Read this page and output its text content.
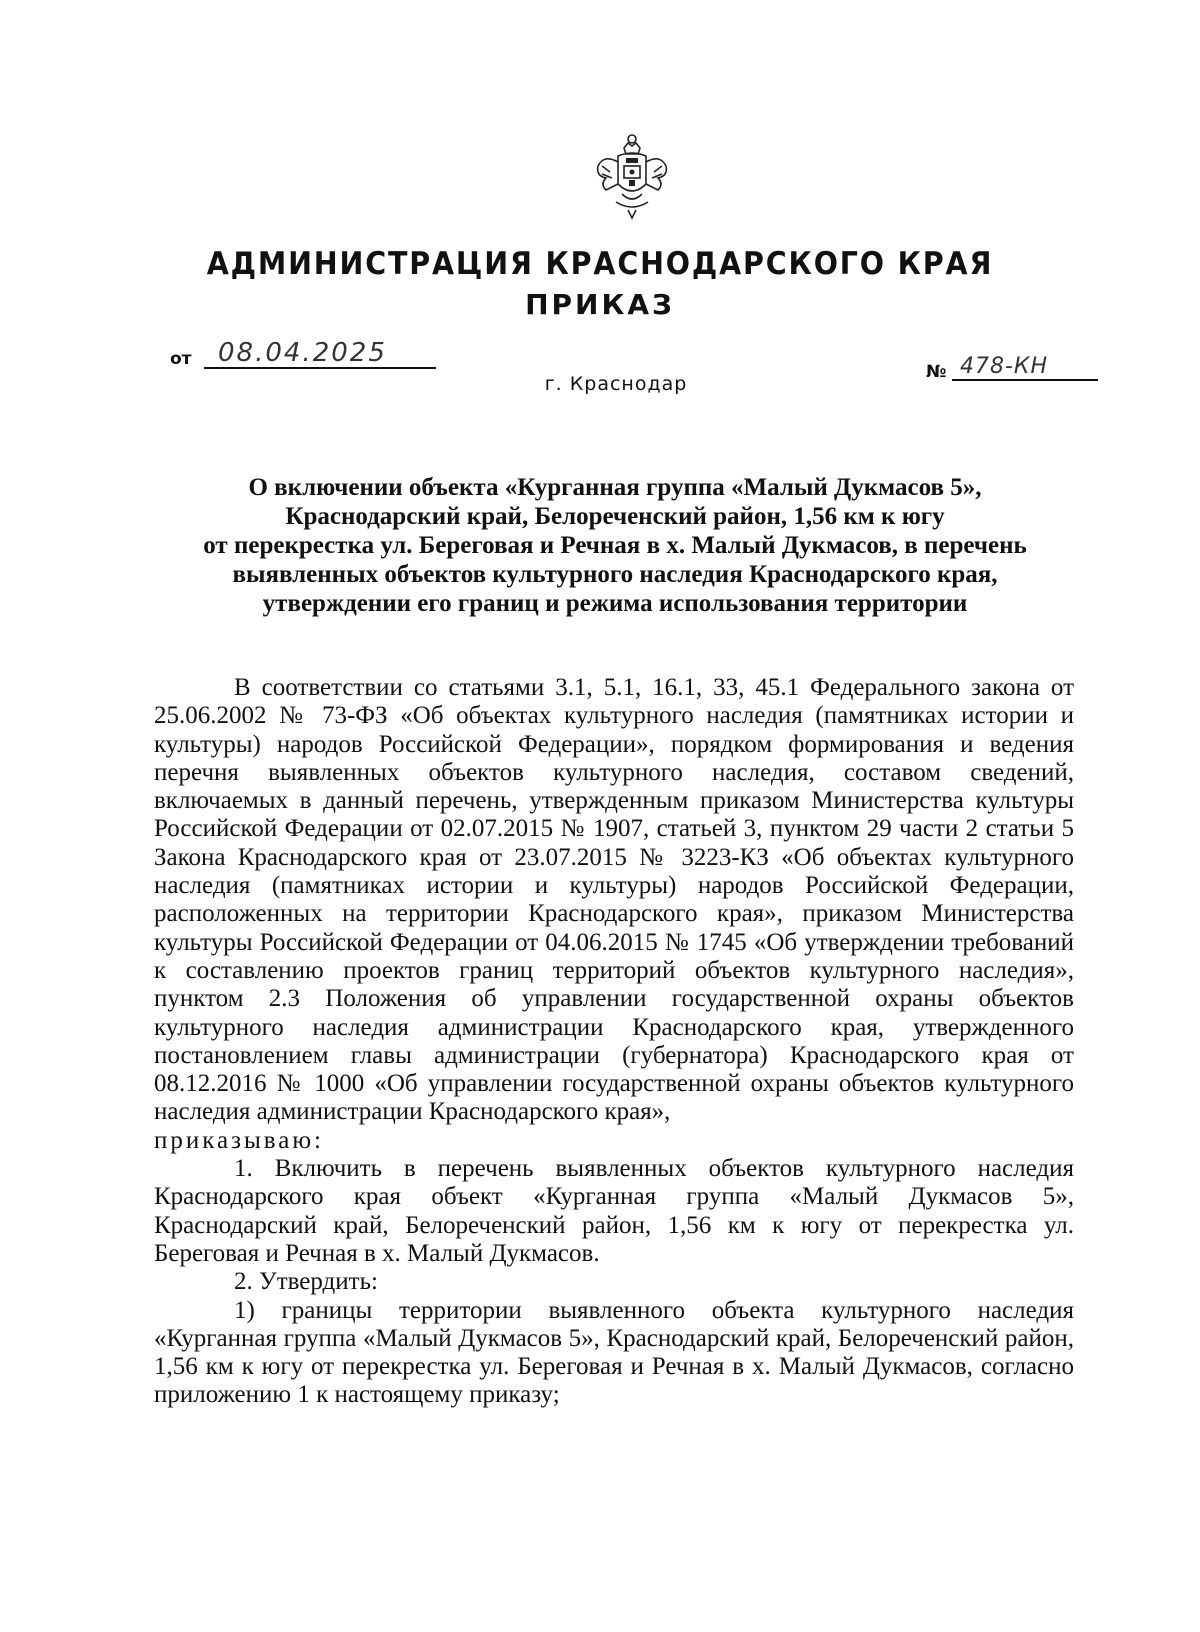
АДМИНИСТРАЦИЯ КРАСНОДАРСКОГО КРАЯ
ПРИКАЗ
от 08.04.2025
г. Краснодар
№ 478-КН
О включении объекта «Курганная группа «Малый Дукмасов 5»,
Краснодарский край, Белореченский район, 1,56 км к югу
от перекрестка ул. Береговая и Речная в х. Малый Дукмасов, в перечень
выявленных объектов культурного наследия Краснодарского края,
утверждении его границ и режима использования территории

В соответствии со статьями 3.1, 5.1, 16.1, 33, 45.1 Федерального закона от 25.06.2002 № 73-ФЗ «Об объектах культурного наследия (памятниках истории и культуры) народов Российской Федерации», порядком формирования и ведения перечня выявленных объектов культурного наследия, составом сведений, включаемых в данный перечень, утвержденным приказом Министерства культуры Российской Федерации от 02.07.2015 № 1907, статьей 3, пунктом 29 части 2 статьи 5 Закона Краснодарского края от 23.07.2015 № 3223-КЗ «Об объектах культурного наследия (памятниках истории и культуры) народов Российской Федерации, расположенных на территории Краснодарского края», приказом Министерства культуры Российской Федерации от 04.06.2015 № 1745 «Об утверждении требований к составлению проектов границ территорий объектов культурного наследия», пунктом 2.3 Положения об управлении государственной охраны объектов культурного наследия администрации Краснодарского края, утвержденного постановлением главы администрации (губернатора) Краснодарского края от 08.12.2016 № 1000 «Об управлении государственной охраны объектов культурного наследия администрации Краснодарского края»,

приказываю:

1. Включить в перечень выявленных объектов культурного наследия Краснодарского края объект «Курганная группа «Малый Дукмасов 5», Краснодарский край, Белореченский район, 1,56 км к югу от перекрестка ул. Береговая и Речная в х. Малый Дукмасов.

2. Утвердить:

1) границы территории выявленного объекта культурного наследия «Курганная группа «Малый Дукмасов 5», Краснодарский край, Белореченский район, 1,56 км к югу от перекрестка ул. Береговая и Речная в х. Малый Дукмасов, согласно приложению 1 к настоящему приказу;
